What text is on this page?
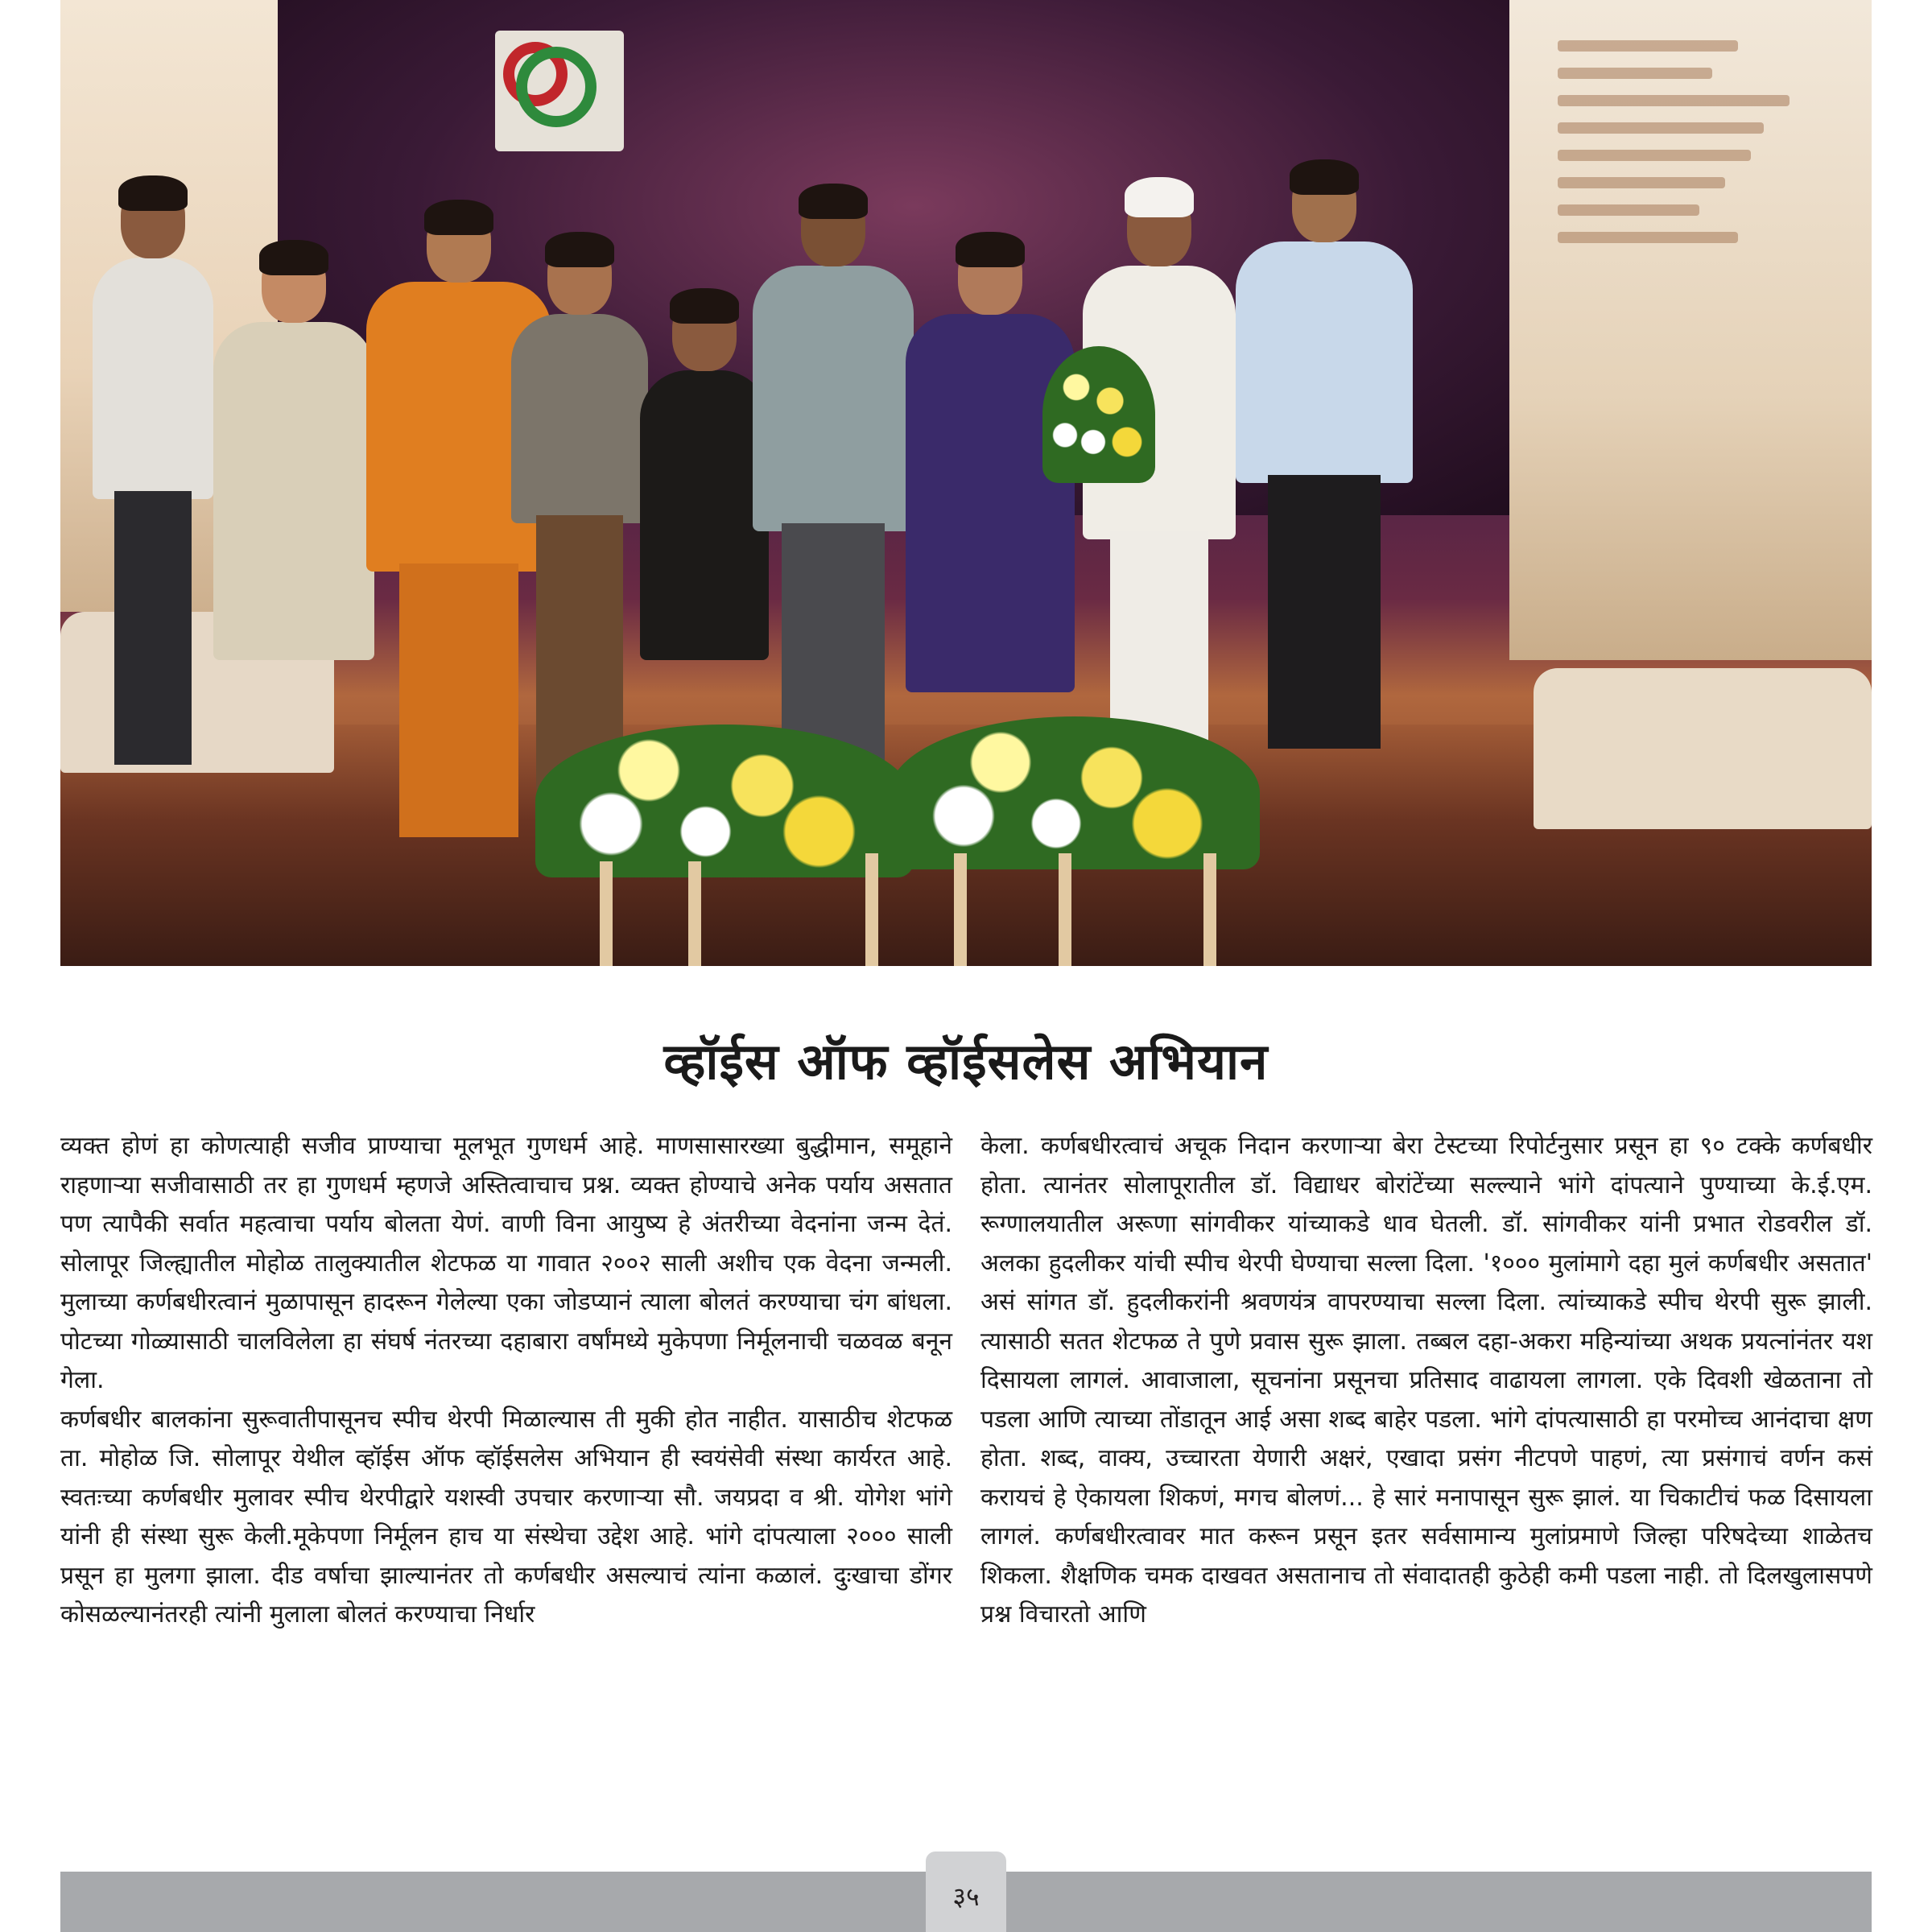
व्हॉईस ऑफ व्हॉईसलेस अभियान

व्यक्त होणं हा कोणत्याही सजीव प्राण्याचा मूलभूत गुणधर्म आहे. माणसासारख्या बुद्धीमान, समूहाने राहणाऱ्या सजीवासाठी तर हा गुणधर्म म्हणजे अस्तित्वाचाच प्रश्न. व्यक्त होण्याचे अनेक पर्याय असतात पण त्यापैकी सर्वात महत्वाचा पर्याय बोलता येणं. वाणी विना आयुष्य हे अंतरीच्या वेदनांना जन्म देतं. सोलापूर जिल्ह्यातील मोहोळ तालुक्यातील शेटफळ या गावात २००२ साली अशीच एक वेदना जन्मली. मुलाच्या कर्णबधीरत्वानं मुळापासून हादरून गेलेल्या एका जोडप्यानं त्याला बोलतं करण्याचा चंग बांधला. पोटच्या गोळ्यासाठी चालविलेला हा संघर्ष नंतरच्या दहाबारा वर्षांमध्ये मुकेपणा निर्मूलनाची चळवळ बनून गेला.

कर्णबधीर बालकांना सुरूवातीपासूनच स्पीच थेरपी मिळाल्यास ती मुकी होत नाहीत. यासाठीच शेटफळ ता. मोहोळ जि. सोलापूर येथील व्हॉईस ऑफ व्हॉईसलेस अभियान ही स्वयंसेवी संस्था कार्यरत आहे. स्वतःच्या कर्णबधीर मुलावर स्पीच थेरपीद्वारे यशस्वी उपचार करणाऱ्या सौ. जयप्रदा व श्री. योगेश भांगे यांनी ही संस्था सुरू केली.मूकेपणा निर्मूलन हाच या संस्थेचा उद्देश आहे. भांगे दांपत्याला २००० साली प्रसून हा मुलगा झाला. दीड वर्षाचा झाल्यानंतर तो कर्णबधीर असल्याचं त्यांना कळालं. दुःखाचा डोंगर कोसळल्यानंतरही त्यांनी मुलाला बोलतं करण्याचा निर्धार

केला. कर्णबधीरत्वाचं अचूक निदान करणाऱ्या बेरा टेस्टच्या रिपोर्टनुसार प्रसून हा ९० टक्के कर्णबधीर होता. त्यानंतर सोलापूरातील डॉ. विद्याधर बोरांटेंच्या सल्ल्याने भांगे दांपत्याने पुण्याच्या के.ई.एम. रूग्णालयातील अरूणा सांगवीकर यांच्याकडे धाव घेतली. डॉ. सांगवीकर यांनी प्रभात रोडवरील डॉ. अलका हुदलीकर यांची स्पीच थेरपी घेण्याचा सल्ला दिला. '१००० मुलांमागे दहा मुलं कर्णबधीर असतात' असं सांगत डॉ. हुदलीकरांनी श्रवणयंत्र वापरण्याचा सल्ला दिला. त्यांच्याकडे स्पीच थेरपी सुरू झाली. त्यासाठी सतत शेटफळ ते पुणे प्रवास सुरू झाला. तब्बल दहा-अकरा महिन्यांच्या अथक प्रयत्नांनंतर यश दिसायला लागलं. आवाजाला, सूचनांना प्रसूनचा प्रतिसाद वाढायला लागला. एके दिवशी खेळताना तो पडला आणि त्याच्या तोंडातून आई असा शब्द बाहेर पडला. भांगे दांपत्यासाठी हा परमोच्च आनंदाचा क्षण होता. शब्द, वाक्य, उच्चारता येणारी अक्षरं, एखादा प्रसंग नीटपणे पाहणं, त्या प्रसंगाचं वर्णन कसं करायचं हे ऐकायला शिकणं, मगच बोलणं... हे सारं मनापासून सुरू झालं. या चिकाटीचं फळ दिसायला लागलं. कर्णबधीरत्वावर मात करून प्रसून इतर सर्वसामान्य मुलांप्रमाणे जिल्हा परिषदेच्या शाळेतच शिकला. शैक्षणिक चमक दाखवत असतानाच तो संवादातही कुठेही कमी पडला नाही. तो दिलखुलासपणे प्रश्न विचारतो आणि

३५
